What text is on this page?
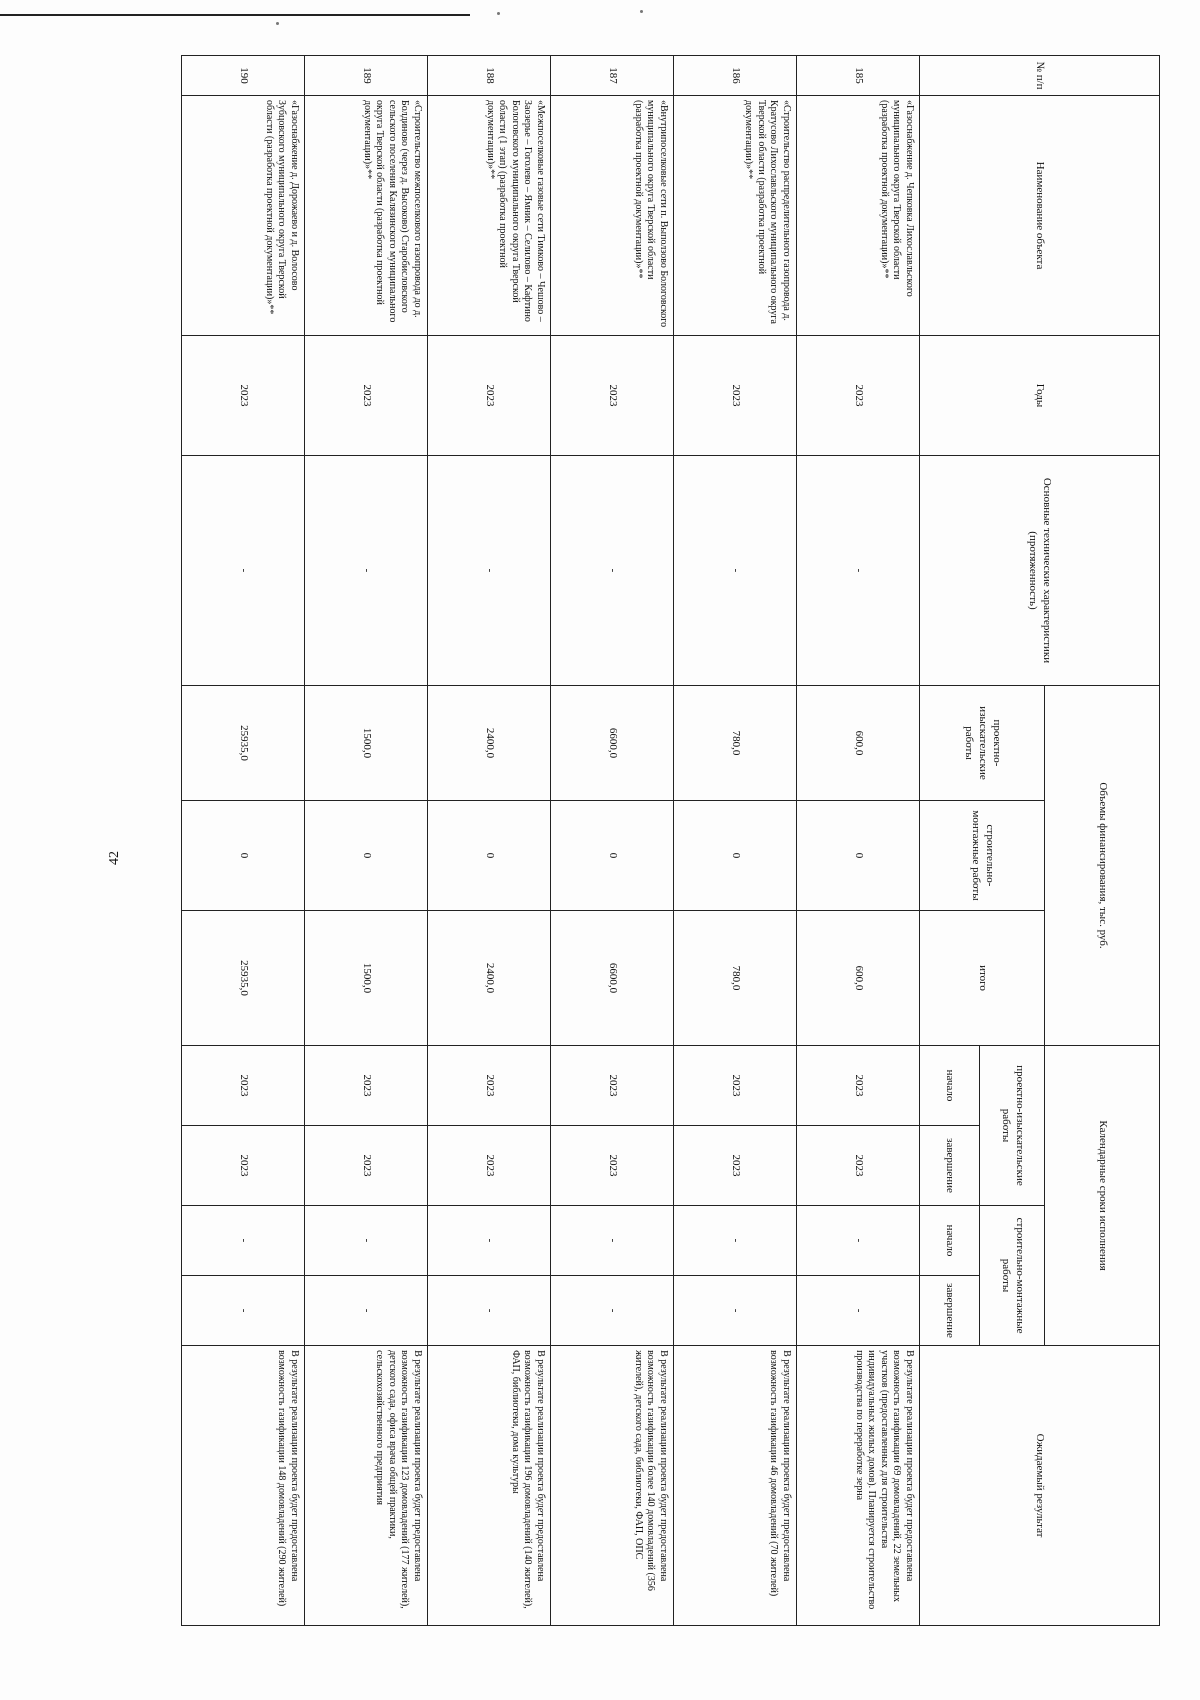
42
№ п/п	Наименование объекта	Годы	Основные технические характеристики (протяженность)	Объемы финансирования, тыс. руб.			Календарные сроки исполнения				Ожидаемый результат
				проектно-изыскательские работы	строительно-монтажные работы	итого	проектно-изыскательские работы		строительно-монтажные работы		
							начало	завершение	начало	завершение	
185	«Газоснабжение д. Чепковка Лихославльского муниципального округа Тверской области (разработка проектной документации)»**	2023	-	600,0	0	600,0	2023	2023	-	-	В результате реализации проекта будет предоставлена возможность газификации 69 домовладений, 22 земельных участков (предоставленных для строительства индивидуальных жилых домов). Планируется строительство производства по переработке зерна
186	«Строительство распределительного газопровода д. Кратусово Лихославльского муниципального округа Тверской области (разработка проектной документации)»**	2023	-	780,0	0	780,0	2023	2023	-	-	В результате реализации проекта будет предоставлена возможность газификации 46 домовладений (70 жителей)
187	«Внутрипоселковые сети п. Выползово Бологовского муниципального округа Тверской области (разработка проектной документации)»**	2023	-	6600,0	0	6600,0	2023	2023	-	-	В результате реализации проекта будет предоставлена возможность газификации более 140 домовладений (356 жителей), детского сада, библиотеки, ФАП, ОПС
188	«Межпоселковые газовые сети Тимково – Чешово – Заозерье – Гоголево – Ямник – Селилово – Кафтино Бологовского муниципального округа Тверской области (1 этап) (разработка проектной документации)»**	2023	-	2400,0	0	2400,0	2023	2023	-	-	В результате реализации проекта будет предоставлена возможность газификации 196 домовладений (140 жителей), ФАП, библиотеки, дома культуры
189	«Строительство межпоселкового газопровода до д. Болдиново (через д. Высоково) Старобисловского сельского поселения Калязинского муниципального округа Тверской области (разработка проектной документации)»**	2023	-	1500,0	0	1500,0	2023	2023	-	-	В результате реализации проекта будет предоставлена возможность газификации 123 домовладений (177 жителей), детского сада, офиса врача общей практики, сельскохозяйственного предприятия
190	«Газоснабжение д. Дорожаево и д. Волосово Зубцовского муниципального округа Тверской области (разработка проектной документации)»**	2023	-	25935,0	0	25935,0	2023	2023	-	-	В результате реализации проекта будет предоставлена возможность газификации 148 домовладений (290 жителей)
